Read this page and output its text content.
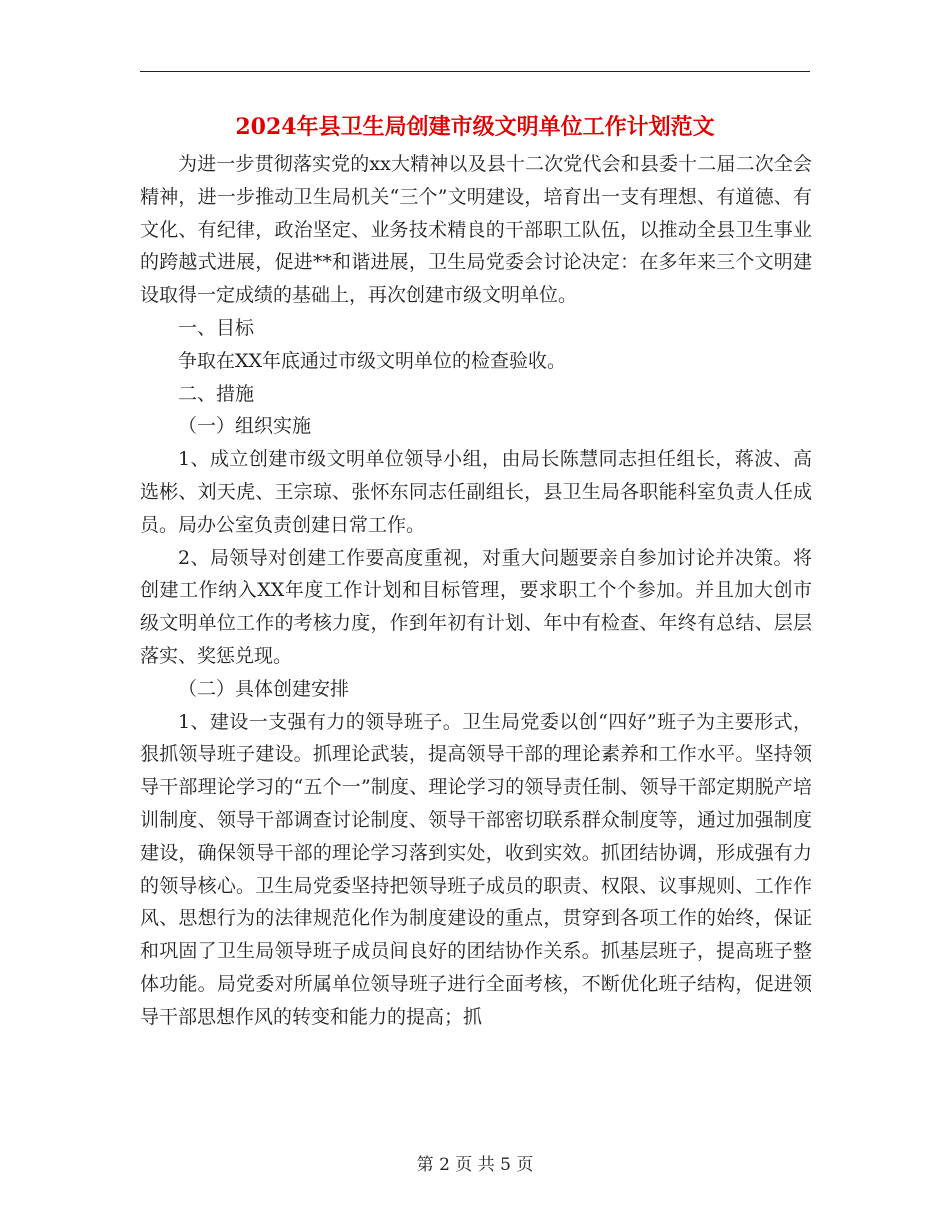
2024年县卫生局创建市级文明单位工作计划范文

为进一步贯彻落实党的xx大精神以及县十二次党代会和县委十二届二次全会精神，进一步推动卫生局机关“三个”文明建设，培育出一支有理想、有道德、有文化、有纪律，政治坚定、业务技术精良的干部职工队伍，以推动全县卫生事业的跨越式进展，促进**和谐进展，卫生局党委会讨论决定：在多年来三个文明建设取得一定成绩的基础上，再次创建市级文明单位。

一、目标

争取在XX年底通过市级文明单位的检查验收。

二、措施

（一）组织实施

1、成立创建市级文明单位领导小组，由局长陈慧同志担任组长，蒋波、高选彬、刘天虎、王宗琼、张怀东同志任副组长，县卫生局各职能科室负责人任成员。局办公室负责创建日常工作。

2、局领导对创建工作要高度重视，对重大问题要亲自参加讨论并决策。将创建工作纳入XX年度工作计划和目标管理，要求职工个个参加。并且加大创市级文明单位工作的考核力度，作到年初有计划、年中有检查、年终有总结、层层落实、奖惩兑现。

（二）具体创建安排

1、建设一支强有力的领导班子。卫生局党委以创“四好”班子为主要形式，狠抓领导班子建设。抓理论武装，提高领导干部的理论素养和工作水平。坚持领导干部理论学习的“五个一”制度、理论学习的领导责任制、领导干部定期脱产培训制度、领导干部调查讨论制度、领导干部密切联系群众制度等，通过加强制度建设，确保领导干部的理论学习落到实处，收到实效。抓团结协调，形成强有力的领导核心。卫生局党委坚持把领导班子成员的职责、权限、议事规则、工作作风、思想行为的法律规范化作为制度建设的重点，贯穿到各项工作的始终，保证和巩固了卫生局领导班子成员间良好的团结协作关系。抓基层班子，提高班子整体功能。局党委对所属单位领导班子进行全面考核，不断优化班子结构，促进领导干部思想作风的转变和能力的提高；抓

第 2 页 共 5 页
